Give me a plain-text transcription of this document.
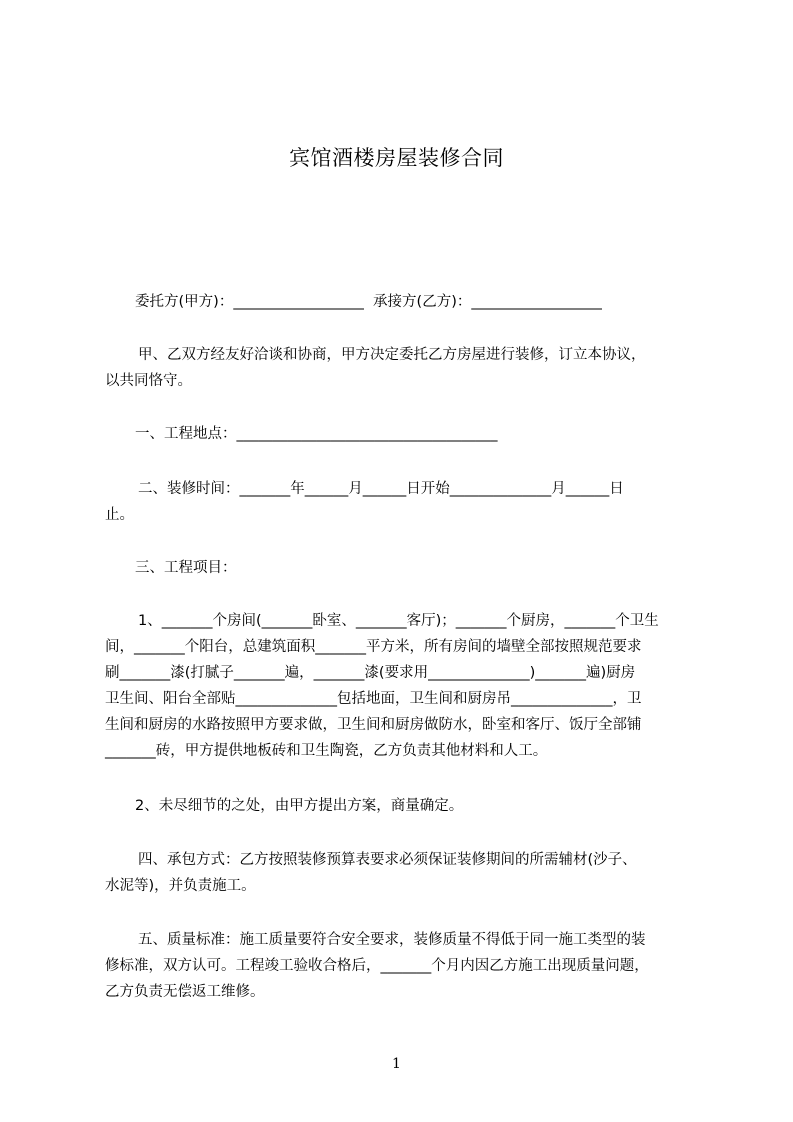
宾馆酒楼房屋装修合同
委托方(甲方)：__________________  承接方(乙方)：__________________
甲、乙双方经友好洽谈和协商，甲方决定委托乙方房屋进行装修，订立本协议，
以共同恪守。
一、工程地点：____________________________________
二、装修时间：_______年______月______日开始______________月______日
止。
三、工程项目：
1、_______个房间(_______卧室、_______客厅)；_______个厨房，_______个卫生
间，_______个阳台，总建筑面积_______平方米，所有房间的墙壁全部按照规范要求
刷_______漆(打腻子_______遍，_______漆(要求用______________)_______遍)厨房
卫生间、阳台全部贴______________包括地面，卫生间和厨房吊______________，卫
生间和厨房的水路按照甲方要求做，卫生间和厨房做防水，卧室和客厅、饭厅全部铺
_______砖，甲方提供地板砖和卫生陶瓷，乙方负责其他材料和人工。
2、未尽细节的之处，由甲方提出方案，商量确定。
四、承包方式：乙方按照装修预算表要求必须保证装修期间的所需辅材(沙子、
水泥等)，并负责施工。
五、质量标准：施工质量要符合安全要求，装修质量不得低于同一施工类型的装
修标准，双方认可。工程竣工验收合格后，_______个月内因乙方施工出现质量问题，
乙方负责无偿返工维修。
1
